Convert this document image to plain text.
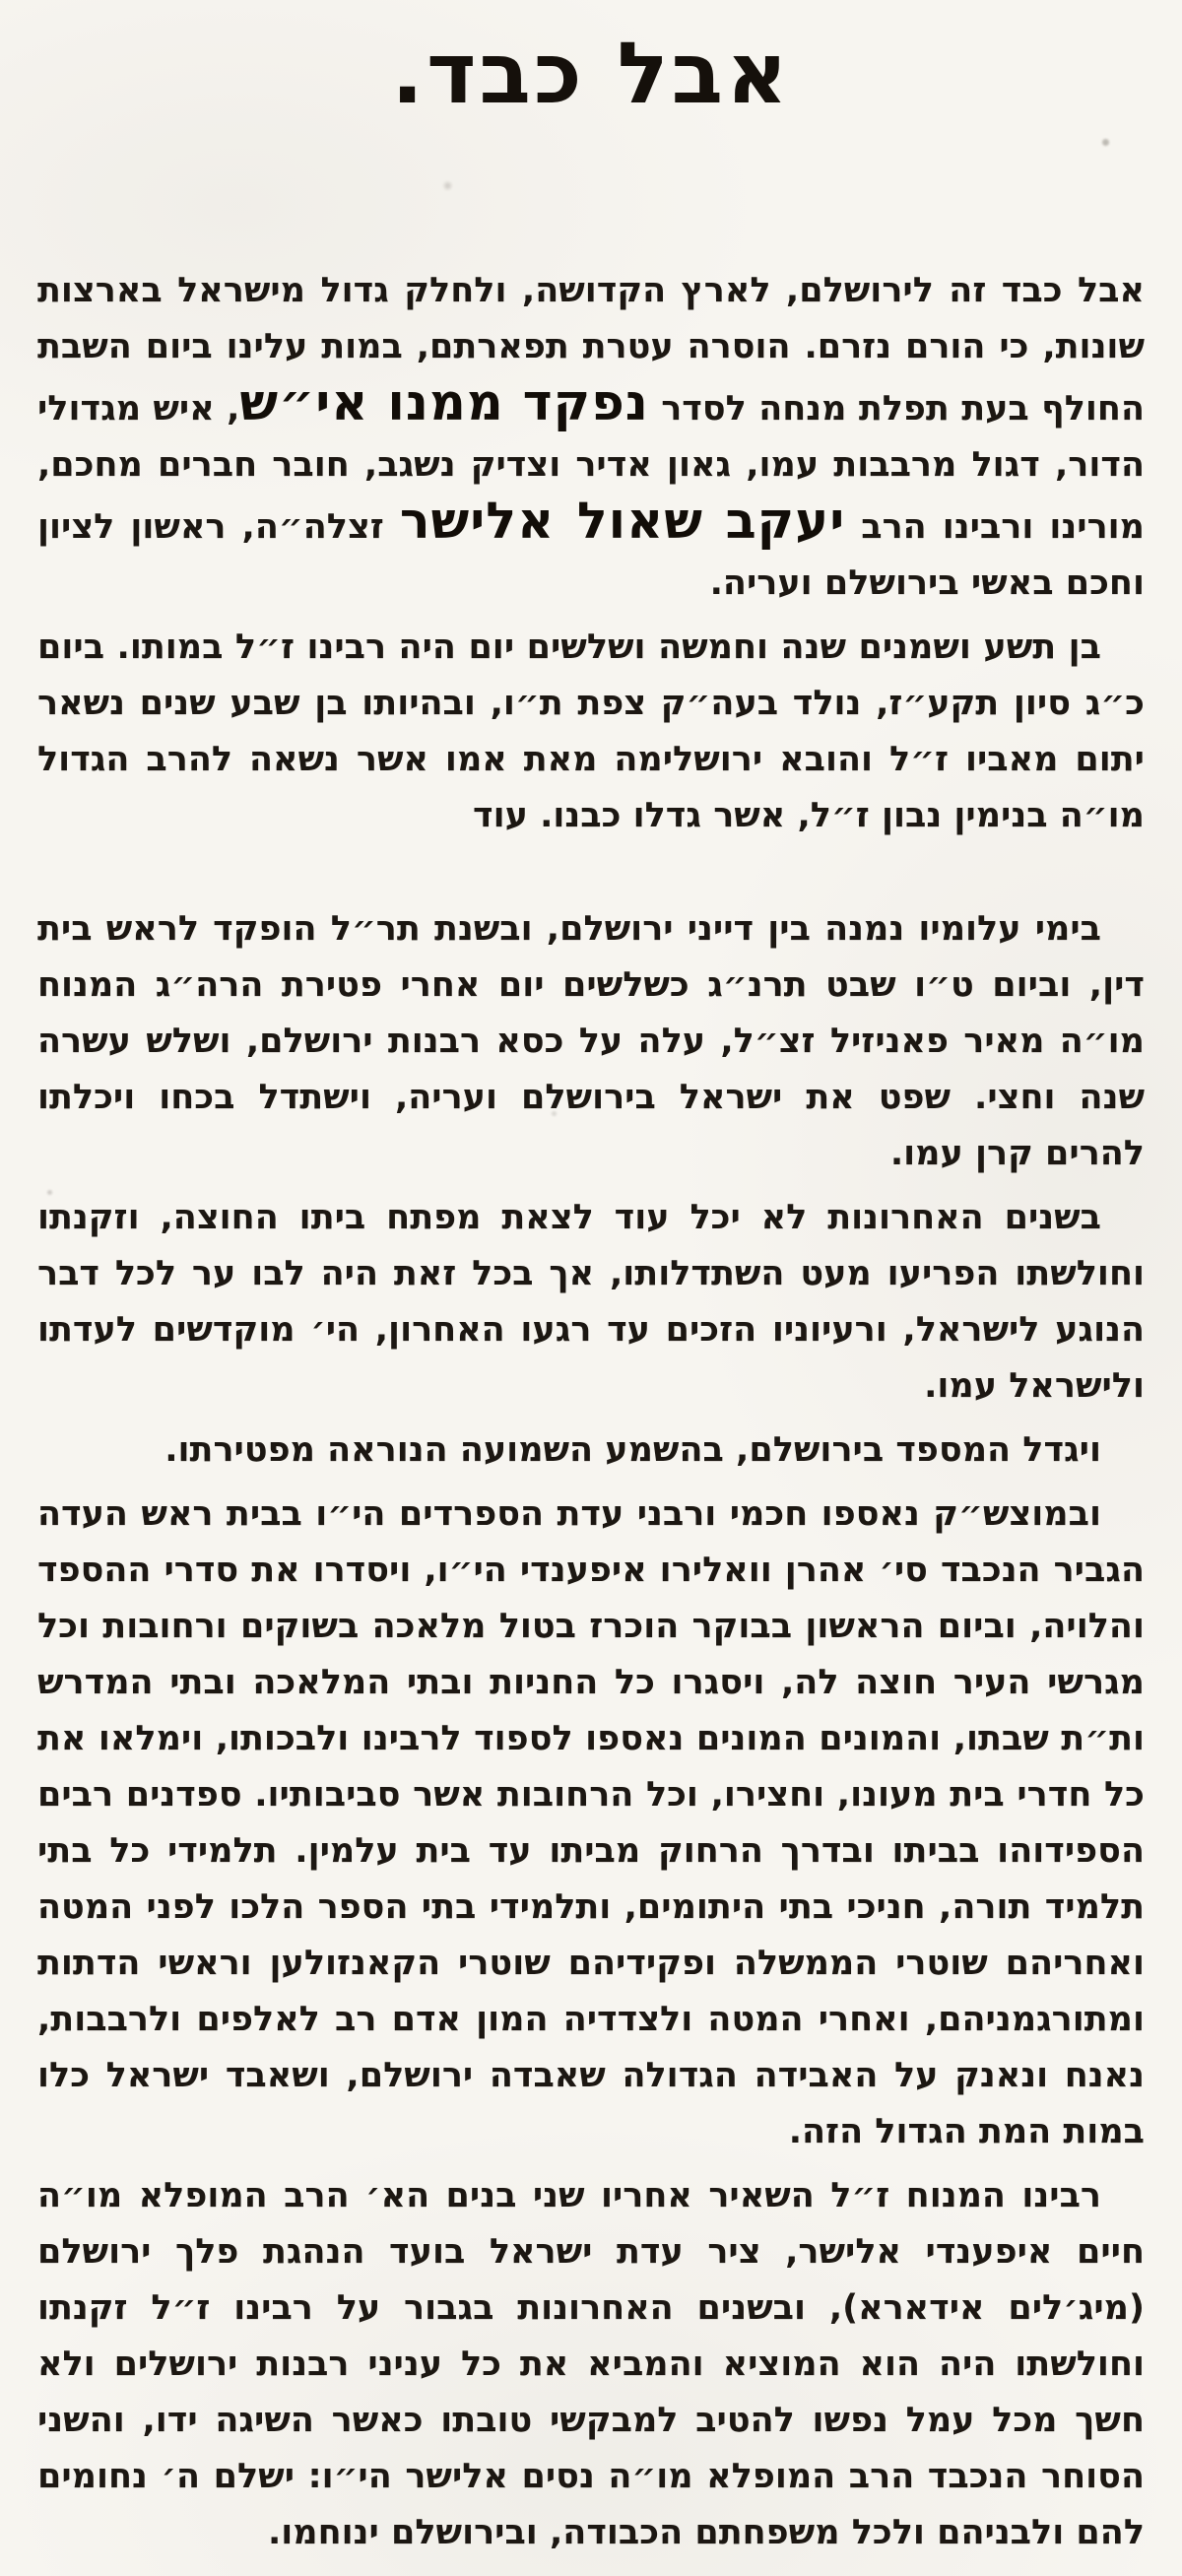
אבל כבד.

אבל כבד זה לירושלם, לארץ הקדושה, ולחלק גדול מישראל בארצות שונות, כי הורם נזרם. הוסרה עטרת תפארתם, במות עלינו ביום השבת החולף בעת תפלת מנחה לסדר נפקד ממנו אי״ש, איש מגדולי הדור, דגול מרבבות עמו, גאון אדיר וצדיק נשגב, חובר חברים מחכם, מורינו ורבינו הרב יעקב שאול אלישר זצלה״ה, ראשון לציון וחכם באשי בירושלם ועריה.

בן תשע ושמנים שנה וחמשה ושלשים יום היה רבינו ז״ל במותו. ביום כ״ג סיון תקע״ז, נולד בעה״ק צפת ת״ו, ובהיותו בן שבע שנים נשאר יתום מאביו ז״ל והובא ירושלימה מאת אמו אשר נשאה להרב הגדול מו״ה בנימין נבון ז״ל, אשר גדלו כבנו. עוד

בימי עלומיו נמנה בין דייני ירושלם, ובשנת תר״ל הופקד לראש בית דין, וביום ט״ו שבט תרנ״ג כשלשים יום אחרי פטירת הרה״ג המנוח מו״ה מאיר פאניזיל זצ״ל, עלה על כסא רבנות ירושלם, ושלש עשרה שנה וחצי. שפט את ישראל בירושלם ועריה, וישתדל בכחו ויכלתו להרים קרן עמו.

בשנים האחרונות לא יכל עוד לצאת מפתח ביתו החוצה, וזקנתו וחולשתו הפריעו מעט השתדלותו, אך בכל זאת היה לבו ער לכל דבר הנוגע לישראל, ורעיוניו הזכים עד רגעו האחרון, הי׳ מוקדשים לעדתו ולישראל עמו.

ויגדל המספד בירושלם, בהשמע השמועה הנוראה מפטירתו.

ובמוצש״ק נאספו חכמי ורבני עדת הספרדים הי״ו בבית ראש העדה הגביר הנכבד סי׳ אהרן וואלירו איפענדי הי״ו, ויסדרו את סדרי ההספד והלויה, וביום הראשון בבוקר הוכרז בטול מלאכה בשוקים ורחובות וכל מגרשי העיר חוצה לה, ויסגרו כל החניות ובתי המלאכה ובתי המדרש ות״ת שבתו, והמונים המונים נאספו לספוד לרבינו ולבכותו, וימלאו את כל חדרי בית מעונו, וחצירו, וכל הרחובות אשר סביבותיו. ספדנים רבים הספידוהו בביתו ובדרך הרחוק מביתו עד בית עלמין. תלמידי כל בתי תלמיד תורה, חניכי בתי היתומים, ותלמידי בתי הספר הלכו לפני המטה ואחריהם שוטרי הממשלה ופקידיהם שוטרי הקאנזולען וראשי הדתות ומתורגמניהם, ואחרי המטה ולצדדיה המון אדם רב לאלפים ולרבבות, נאנח ונאנק על האבידה הגדולה שאבדה ירושלם, ושאבד ישראל כלו במות המת הגדול הזה.

רבינו המנוח ז״ל השאיר אחריו שני בנים הא׳ הרב המופלא מו״ה חיים איפענדי אלישר, ציר עדת ישראל בועד הנהגת פלך ירושלם (מיג׳לים אידארא), ובשנים האחרונות בגבור על רבינו ז״ל זקנתו וחולשתו היה הוא המוציא והמביא את כל עניני רבנות ירושלים ולא חשך מכל עמל נפשו להטיב למבקשי טובתו כאשר השיגה ידו, והשני הסוחר הנכבד הרב המופלא מו״ה נסים אלישר הי״ו: ישלם ה׳ נחומים להם ולבניהם ולכל משפחתם הכבודה, ובירושלם ינוחמו.
